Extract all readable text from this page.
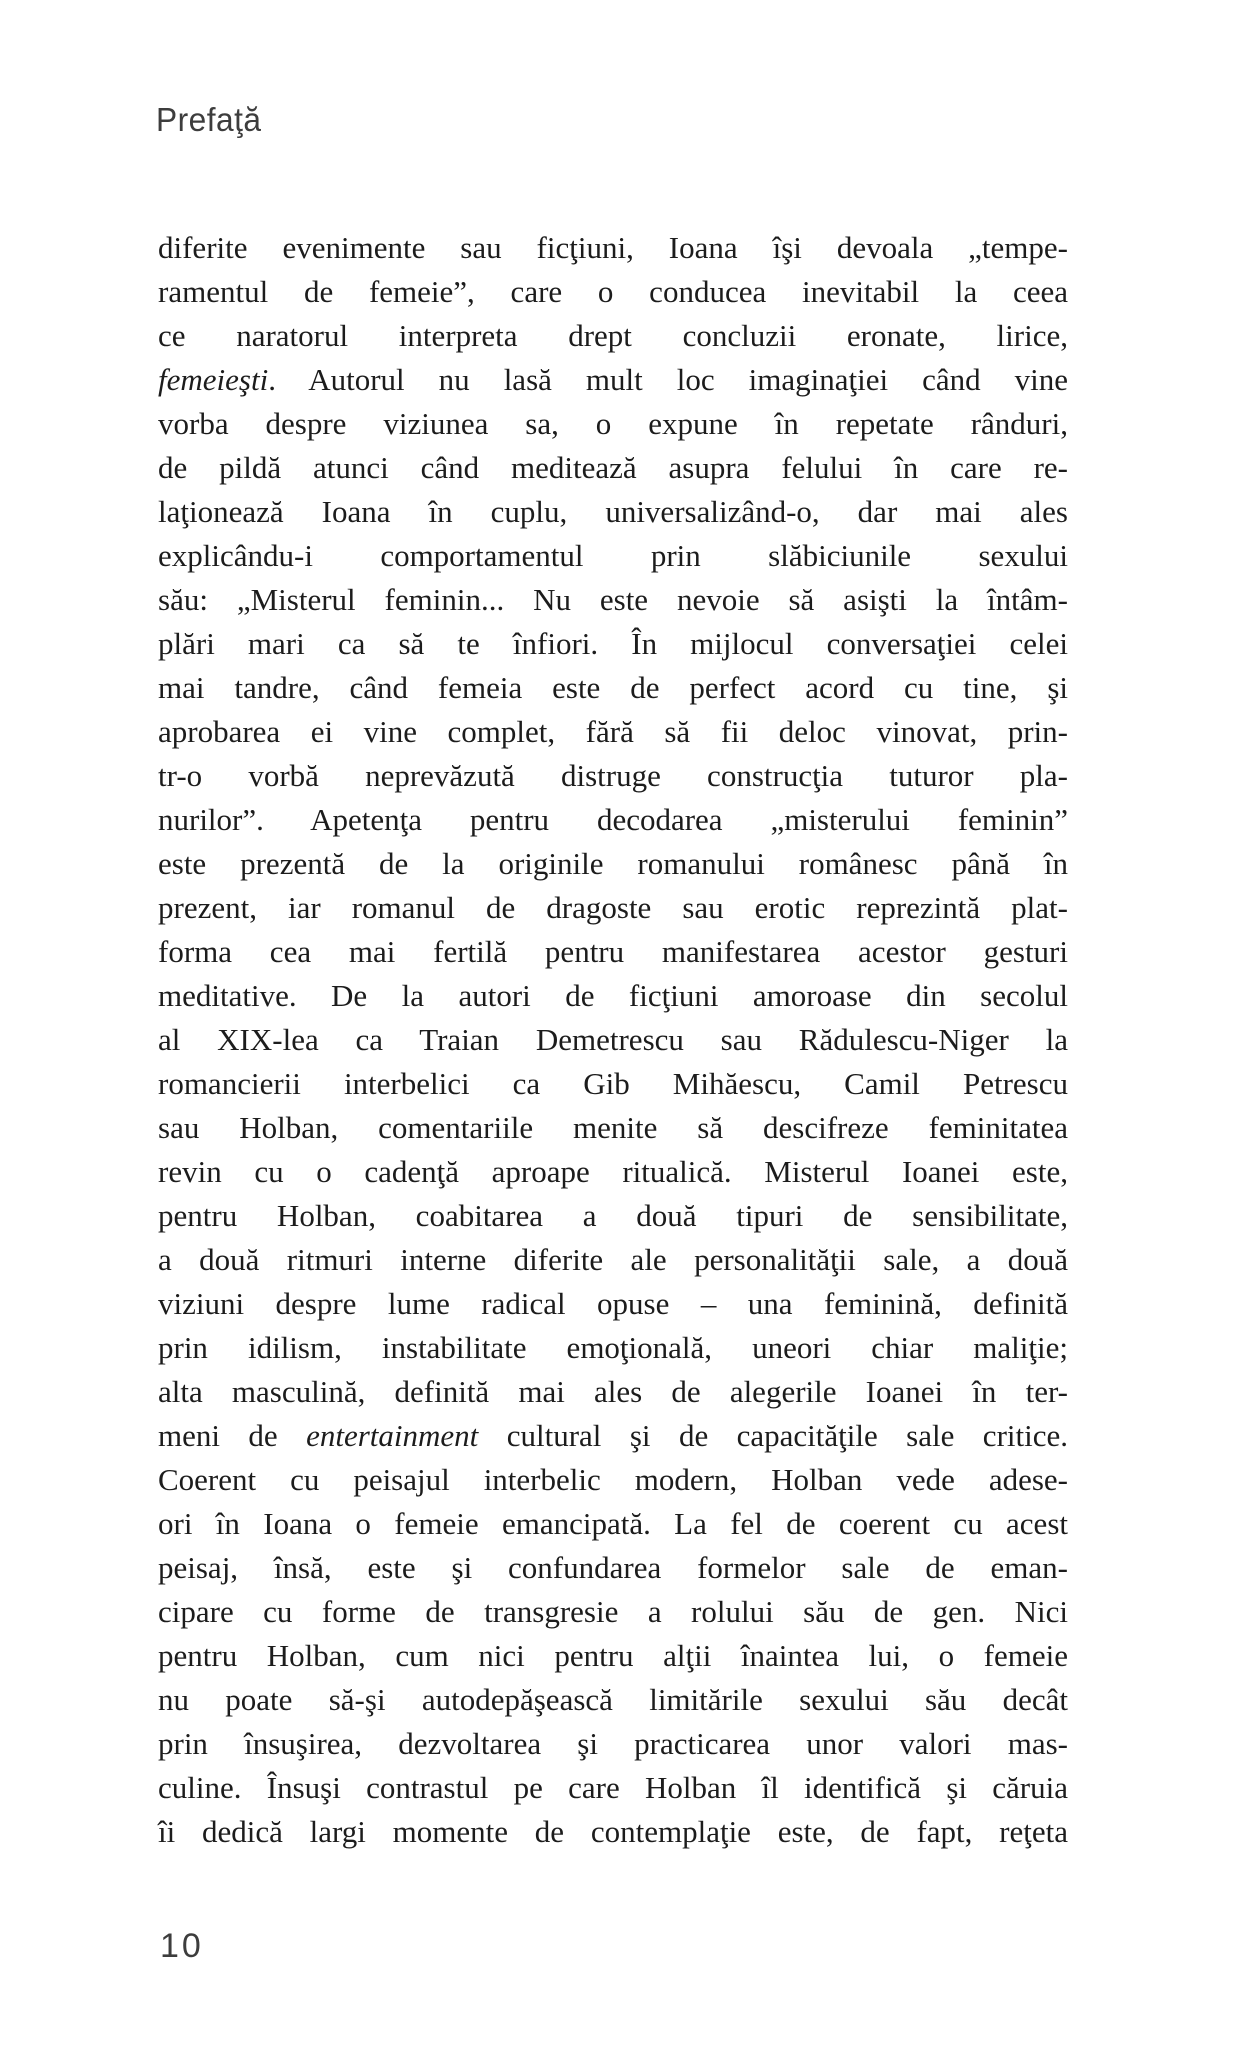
Prefaţă
diferite evenimente sau ficţiuni, Ioana îşi devoala „tempe-
ramentul de femeie”, care o conducea inevitabil la ceea
ce naratorul interpreta drept concluzii eronate, lirice,
femeieşti. Autorul nu lasă mult loc imaginaţiei când vine
vorba despre viziunea sa, o expune în repetate rânduri,
de pildă atunci când meditează asupra felului în care re-
laţionează Ioana în cuplu, universalizând-o, dar mai ales
explicându-i comportamentul prin slăbiciunile sexului
său: „Misterul feminin... Nu este nevoie să asişti la întâm-
plări mari ca să te înfiori. În mijlocul conversaţiei celei
mai tandre, când femeia este de perfect acord cu tine, şi
aprobarea ei vine complet, fără să fii deloc vinovat, prin-
tr-o vorbă neprevăzută distruge construcţia tuturor pla-
nurilor”. Apetenţa pentru decodarea „misterului feminin”
este prezentă de la originile romanului românesc până în
prezent, iar romanul de dragoste sau erotic reprezintă plat-
forma cea mai fertilă pentru manifestarea acestor gesturi
meditative. De la autori de ficţiuni amoroase din secolul
al XIX-lea ca Traian Demetrescu sau Rădulescu-Niger la
romancierii interbelici ca Gib Mihăescu, Camil Petrescu
sau Holban, comentariile menite să descifreze feminitatea
revin cu o cadenţă aproape ritualică. Misterul Ioanei este,
pentru Holban, coabitarea a două tipuri de sensibilitate,
a două ritmuri interne diferite ale personalităţii sale, a două
viziuni despre lume radical opuse – una feminină, definită
prin idilism, instabilitate emoţională, uneori chiar maliţie;
alta masculină, definită mai ales de alegerile Ioanei în ter-
meni de entertainment cultural şi de capacităţile sale critice.
Coerent cu peisajul interbelic modern, Holban vede adese-
ori în Ioana o femeie emancipată. La fel de coerent cu acest
peisaj, însă, este şi confundarea formelor sale de eman-
cipare cu forme de transgresie a rolului său de gen. Nici
pentru Holban, cum nici pentru alţii înaintea lui, o femeie
nu poate să-şi autodepăşească limitările sexului său decât
prin însuşirea, dezvoltarea şi practicarea unor valori mas-
culine. Însuşi contrastul pe care Holban îl identifică şi căruia
îi dedică largi momente de contemplaţie este, de fapt, reţeta
10
